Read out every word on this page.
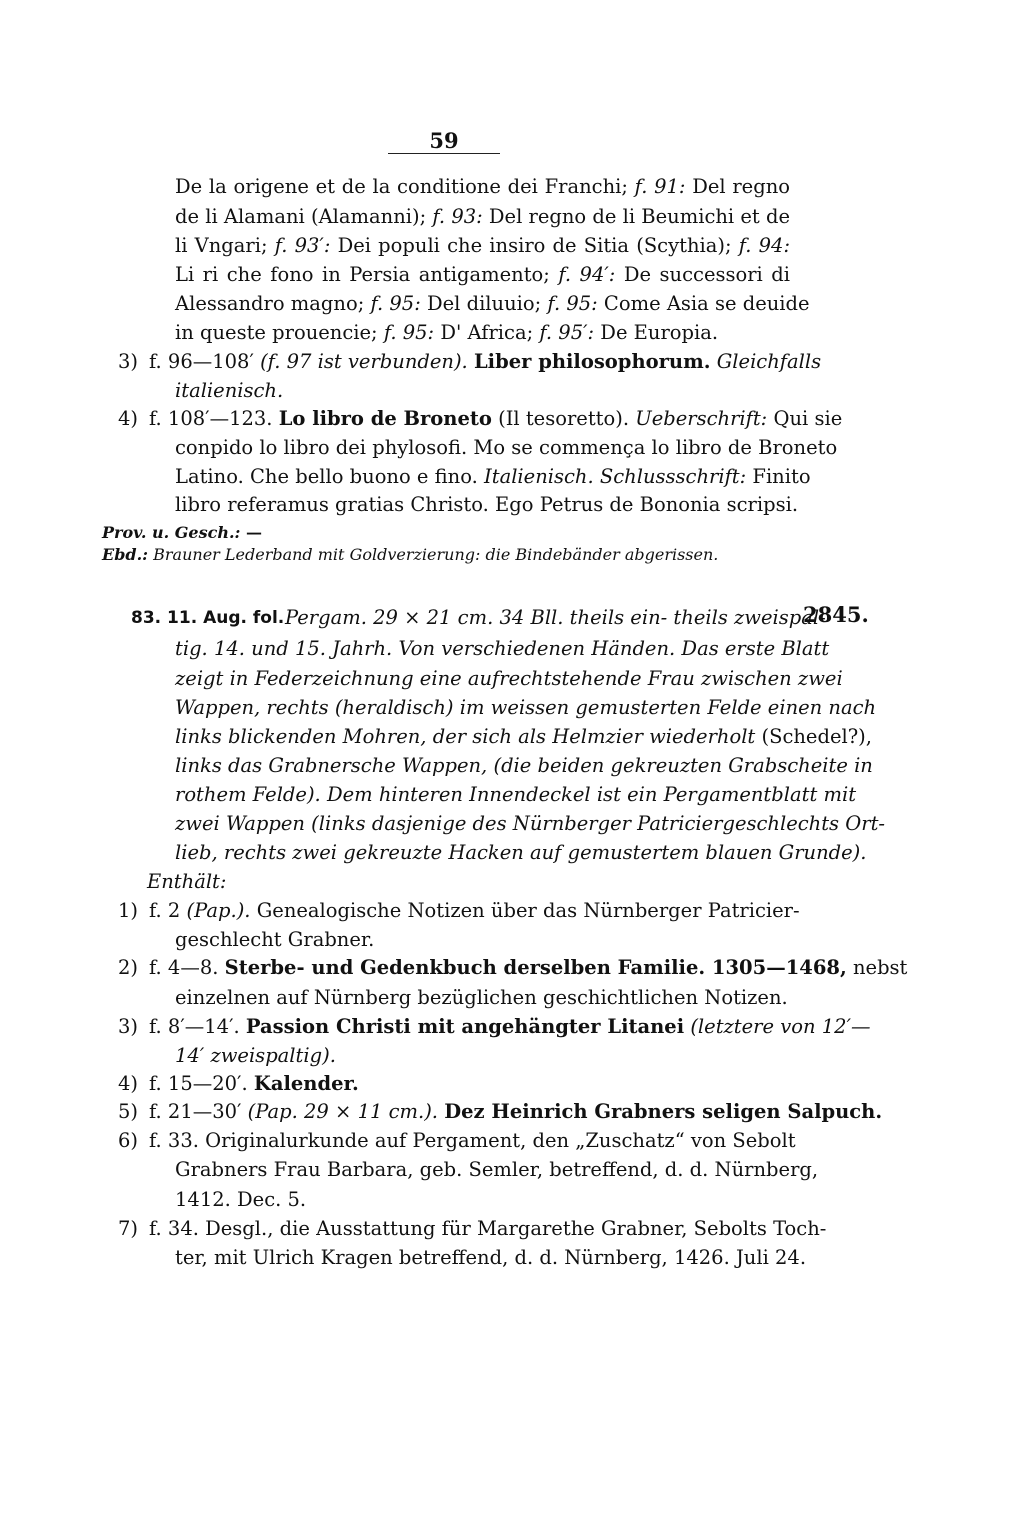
59
De la origene et de la conditione dei Franchi; f. 91: Del regno
de li Alamani (Alamanni); f. 93: Del regno de li Beumichi et de
li Vngari; f. 93′: Dei populi che insiro de Sitia (Scythia); f. 94:
Li ri che fono in Persia antigamento; f. 94′: De successori di
Alessandro magno; f. 95: Del diluuio; f. 95: Come Asia se deuide
in queste prouencie; f. 95: D' Africa; f. 95′: De Europia.
3) f. 96—108′ (f. 97 ist verbunden). Liber philosophorum. Gleichfalls
italienisch.
4) f. 108′—123. Lo libro de Broneto (Il tesoretto). Ueberschrift: Qui sie
conpido lo libro dei phylosofi. Mo se commença lo libro de Broneto
Latino. Che bello buono e fino. Italienisch. Schlussschrift: Finito
libro referamus gratias Christo. Ego Petrus de Bononia scripsi.
Prov. u. Gesch.: —
Ebd.: Brauner Lederband mit Goldverzierung: die Bindebänder abgerissen.
83. 11. Aug. fol. Pergam. 29 × 21 cm. 34 Bll. theils ein- theils zweispal-
tig. 14. und 15. Jahrh. Von verschiedenen Händen. Das erste Blatt
zeigt in Federzeichnung eine aufrechtstehende Frau zwischen zwei
Wappen, rechts (heraldisch) im weissen gemusterten Felde einen nach
links blickenden Mohren, der sich als Helmzier wiederholt (Schedel?),
links das Grabnersche Wappen, (die beiden gekreuzten Grabscheite in
rothem Felde). Dem hinteren Innendeckel ist ein Pergamentblatt mit
zwei Wappen (links dasjenige des Nürnberger Patriciergeschlechts Ort-
lieb, rechts zwei gekreuzte Hacken auf gemustertem blauen Grunde).
Enthält:
1) f. 2 (Pap.). Genealogische Notizen über das Nürnberger Patricier-
geschlecht Grabner.
2) f. 4—8. Sterbe- und Gedenkbuch derselben Familie. 1305—1468, nebst
einzelnen auf Nürnberg bezüglichen geschichtlichen Notizen.
3) f. 8′—14′. Passion Christi mit angehängter Litanei (letztere von 12′—
14′ zweispaltig).
4) f. 15—20′. Kalender.
5) f. 21—30′ (Pap. 29 × 11 cm.). Dez Heinrich Grabners seligen Salpuch.
6) f. 33. Originalurkunde auf Pergament, den „Zuschatz“ von Sebolt
Grabners Frau Barbara, geb. Semler, betreffend, d. d. Nürnberg,
1412. Dec. 5.
7) f. 34. Desgl., die Ausstattung für Margarethe Grabner, Sebolts Toch-
ter, mit Ulrich Kragen betreffend, d. d. Nürnberg, 1426. Juli 24.
2845.
